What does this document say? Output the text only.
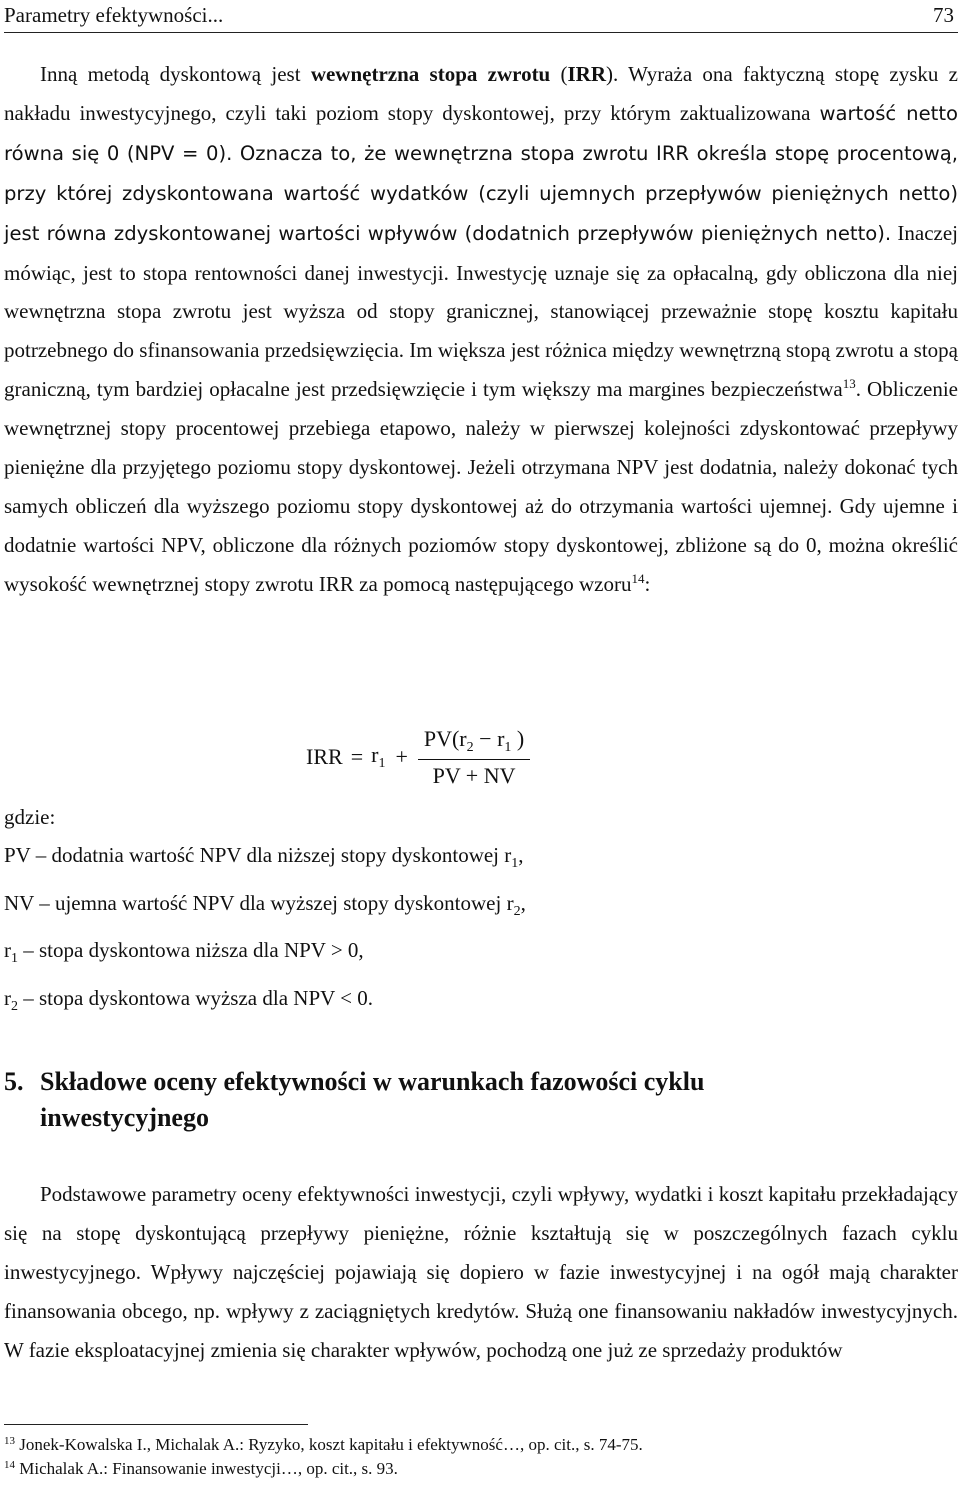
Parametry efektywności...	73

Inną metodą dyskontową jest wewnętrzna stopa zwrotu (IRR). Wyraża ona faktyczną stopę zysku z nakładu inwestycyjnego, czyli taki poziom stopy dyskontowej, przy którym zaktualizowana wartość netto równa się 0 (NPV = 0). Oznacza to, że wewnętrzna stopa zwrotu IRR określa stopę procentową, przy której zdyskontowana wartość wydatków (czyli ujemnych przepływów pieniężnych netto) jest równa zdyskontowanej wartości wpływów (dodatnich przepływów pieniężnych netto). Inaczej mówiąc, jest to stopa rentowności danej inwestycji. Inwestycję uznaje się za opłacalną, gdy obliczona dla niej wewnętrzna stopa zwrotu jest wyższa od stopy granicznej, stanowiącej przeważnie stopę kosztu kapitału potrzebnego do sfinansowania przedsięwzięcia. Im większa jest różnica między wewnętrzną stopą zwrotu a stopą graniczną, tym bardziej opłacalne jest przedsięwzięcie i tym większy ma margines bezpieczeństwa$^{13}$. Obliczenie wewnętrznej stopy procentowej przebiega etapowo, należy w pierwszej kolejności zdyskontować przepływy pieniężne dla przyjętego poziomu stopy dyskontowej. Jeżeli otrzymana NPV jest dodatnia, należy dokonać tych samych obliczeń dla wyższego poziomu stopy dyskontowej aż do otrzymania wartości ujemnej. Gdy ujemne i dodatnie wartości NPV, obliczone dla różnych poziomów stopy dyskontowej, zbliżone są do 0, można określić wysokość wewnętrznej stopy zwrotu IRR za pomocą następującego wzoru$^{14}$:

IRR = $r_1 + \frac{PV(r_2 - r_1 )}{PV + NV}$
gdzie:
PV – dodatnia wartość NPV dla niższej stopy dyskontowej $r_1$,
NV – ujemna wartość NPV dla wyższej stopy dyskontowej $r_2$,
$r_1$ – stopa dyskontowa niższa dla NPV > 0,
$r_2$ – stopa dyskontowa wyższa dla NPV < 0.
5. Składowe oceny efektywności w warunkach fazowości cyklu
inwestycyjnego

Podstawowe parametry oceny efektywności inwestycji, czyli wpływy, wydatki i koszt kapitału przekładający się na stopę dyskontującą przepływy pieniężne, różnie kształtują się w poszczególnych fazach cyklu inwestycyjnego. Wpływy najczęściej pojawiają się dopiero w fazie inwestycyjnej i na ogół mają charakter finansowania obcego, np. wpływy z zaciągniętych kredytów. Służą one finansowaniu nakładów inwestycyjnych. W fazie eksploatacyjnej zmienia się charakter wpływów, pochodzą one już ze sprzedaży produktów

$^{13}$ Jonek-Kowalska I., Michalak A.: Ryzyko, koszt kapitału i efektywność…, op. cit., s. 74-75.
$^{14}$ Michalak A.: Finansowanie inwestycji…, op. cit., s. 93.
